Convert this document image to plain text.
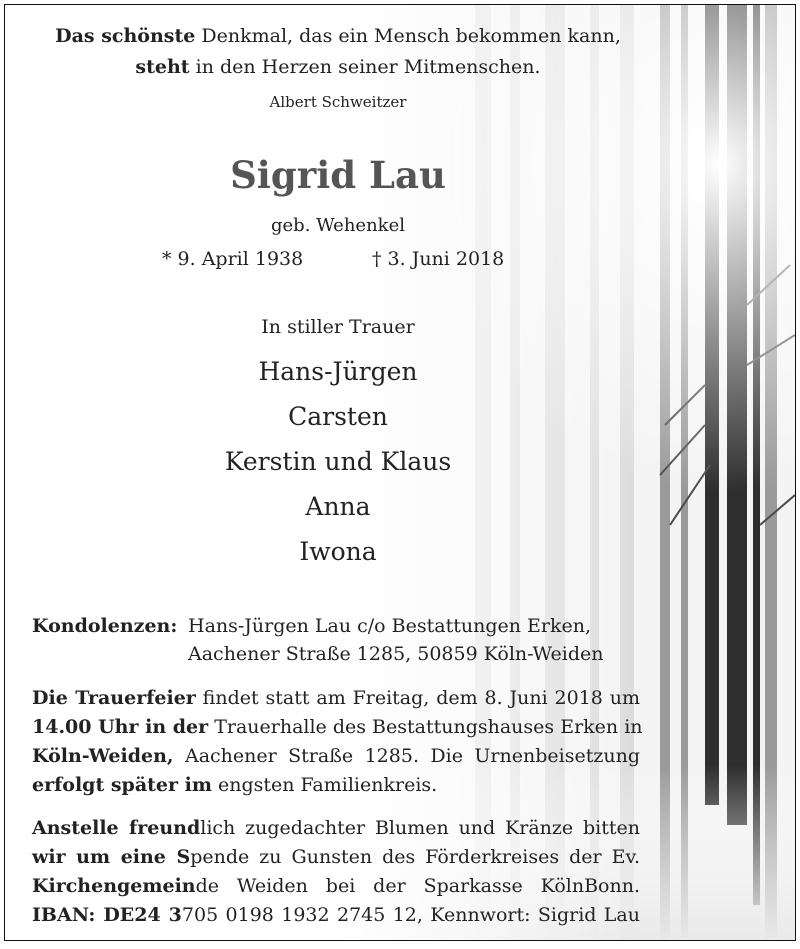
Das schönste Denkmal, das ein Mensch bekommen kann,
steht in den Herzen seiner Mitmenschen.
Albert Schweitzer
Sigrid Lau
geb. Wehenkel
* 9. April 1938	† 3. Juni 2018
In stiller Trauer
Hans-Jürgen
Carsten
Kerstin und Klaus
Anna
Iwona
Kondolenzen: Hans-Jürgen Lau c/o Bestattungen Erken,
Aachener Straße 1285, 50859 Köln-Weiden
Die Trauerfeier findet statt am Freitag, dem 8. Juni 2018 um
14.00 Uhr in der Trauerhalle des Bestattungshauses Erken in
Köln-Weiden, Aachener Straße 1285. Die Urnenbeisetzung
erfolgt später im engsten Familienkreis.
Anstelle freundlich zugedachter Blumen und Kränze bitten
wir um eine Spende zu Gunsten des Förderkreises der Ev.
Kirchengemeinde Weiden bei der Sparkasse KölnBonn.
IBAN: DE24 3705 0198 1932 2745 12, Kennwort: Sigrid Lau
